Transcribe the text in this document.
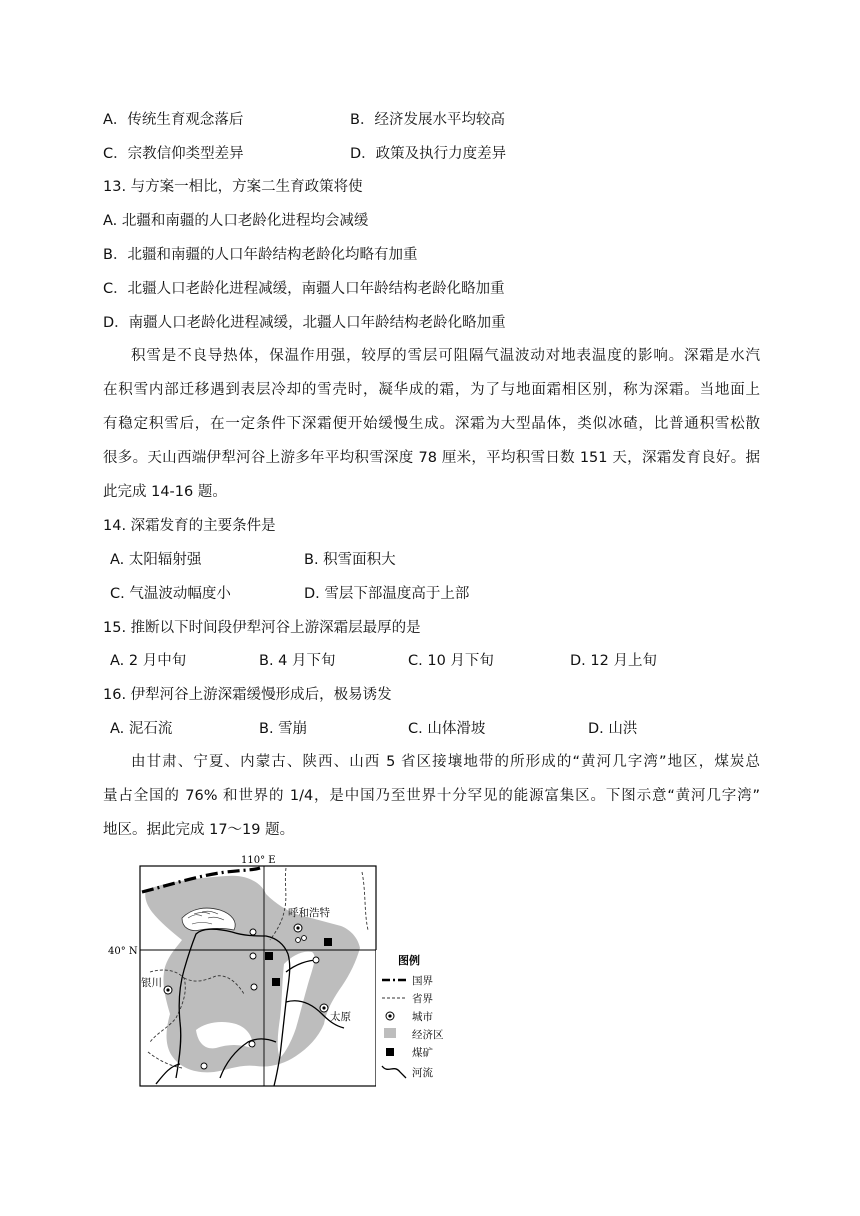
A．传统生育观念落后	B．经济发展水平均较高
C．宗教信仰类型差异	D．政策及执行力度差异
13. 与方案一相比，方案二生育政策将使
A. 北疆和南疆的人口老龄化进程均会减缓
B．北疆和南疆的人口年龄结构老龄化均略有加重
C．北疆人口老龄化进程减缓，南疆人口年龄结构老龄化略加重
D．南疆人口老龄化进程减缓，北疆人口年龄结构老龄化略加重
积雪是不良导热体，保温作用强，较厚的雪层可阻隔气温波动对地表温度的影响。深霜是水汽
在积雪内部迁移遇到表层冷却的雪壳时，凝华成的霜，为了与地面霜相区别，称为深霜。当地面上
有稳定积雪后，在一定条件下深霜便开始缓慢生成。深霜为大型晶体，类似冰碴，比普通积雪松散
很多。天山西端伊犁河谷上游多年平均积雪深度 78 厘米，平均积雪日数 151 天，深霜发育良好。据
此完成 14-16 题。
14. 深霜发育的主要条件是
A. 太阳辐射强	B. 积雪面积大
C. 气温波动幅度小	D. 雪层下部温度高于上部
15. 推断以下时间段伊犁河谷上游深霜层最厚的是
A. 2 月中旬	B. 4 月下旬	C. 10 月下旬	D. 12 月上旬
16. 伊犁河谷上游深霜缓慢形成后，极易诱发
A. 泥石流	B. 雪崩	C. 山体滑坡	D. 山洪
由甘肃、宁夏、内蒙古、陕西、山西 5 省区接壤地带的所形成的“黄河几字湾”地区，煤炭总
量占全国的 76% 和世界的 1/4，是中国乃至世界十分罕见的能源富集区。下图示意“黄河几字湾”
地区。据此完成 17～19 题。
110° E
40° N
呼和浩特
银川
太原
图例
国界
省界
城市
经济区
煤矿
河流
